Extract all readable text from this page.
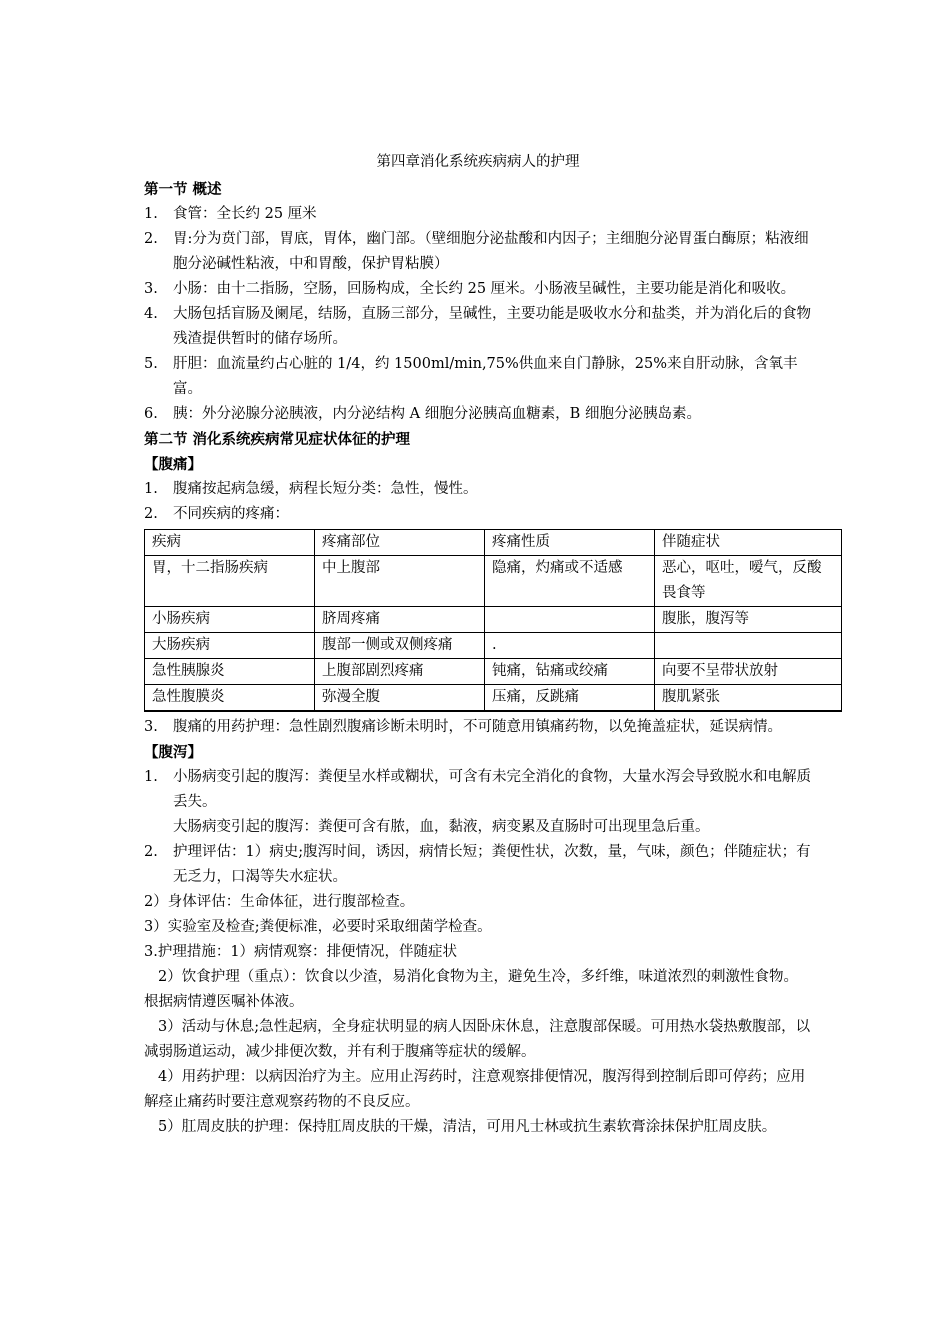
第四章消化系统疾病病人的护理
第一节 概述
1. 食管：全长约 25 厘米
2. 胃:分为贲门部，胃底，胃体，幽门部。（壁细胞分泌盐酸和内因子；主细胞分泌胃蛋白酶原；粘液细胞分泌碱性粘液，中和胃酸，保护胃粘膜）
3. 小肠：由十二指肠，空肠，回肠构成，全长约 25 厘米。小肠液呈碱性，主要功能是消化和吸收。
4. 大肠包括盲肠及阑尾，结肠，直肠三部分，呈碱性，主要功能是吸收水分和盐类，并为消化后的食物残渣提供暂时的储存场所。
5. 肝胆：血流量约占心脏的 1/4，约 1500ml/min,75%供血来自门静脉，25%来自肝动脉，含氧丰富。
6. 胰：外分泌腺分泌胰液，内分泌结构 A 细胞分泌胰高血糖素，B 细胞分泌胰岛素。
第二节 消化系统疾病常见症状体征的护理
【腹痛】
1. 腹痛按起病急缓，病程长短分类：急性，慢性。
2. 不同疾病的疼痛：
疾病	疼痛部位	疼痛性质	伴随症状
胃，十二指肠疾病	中上腹部	隐痛，灼痛或不适感	恶心，呕吐，嗳气，反酸畏食等
小肠疾病	脐周疼痛		腹胀，腹泻等
大肠疾病	腹部一侧或双侧疼痛	.	
急性胰腺炎	上腹部剧烈疼痛	钝痛，钻痛或绞痛	向要不呈带状放射
急性腹膜炎	弥漫全腹	压痛，反跳痛	腹肌紧张

3. 腹痛的用药护理：急性剧烈腹痛诊断未明时，不可随意用镇痛药物，以免掩盖症状，延误病情。
【腹泻】
1. 小肠病变引起的腹泻：粪便呈水样或糊状，可含有未完全消化的食物，大量水泻会导致脱水和电解质丢失。
大肠病变引起的腹泻：粪便可含有脓，血，黏液，病变累及直肠时可出现里急后重。
2. 护理评估：1）病史;腹泻时间，诱因，病情长短；粪便性状，次数，量，气味，颜色；伴随症状；有无乏力，口渴等失水症状。
2）身体评估：生命体征，进行腹部检查。
3）实验室及检查;粪便标准，必要时采取细菌学检查。
3.护理措施：1）病情观察：排便情况，伴随症状
2）饮食护理（重点）：饮食以少渣，易消化食物为主，避免生冷，多纤维，味道浓烈的刺激性食物。根据病情遵医嘱补体液。
3）活动与休息;急性起病，全身症状明显的病人因卧床休息，注意腹部保暖。可用热水袋热敷腹部，以减弱肠道运动，减少排便次数，并有利于腹痛等症状的缓解。
4）用药护理：以病因治疗为主。应用止泻药时，注意观察排便情况，腹泻得到控制后即可停药；应用解痉止痛药时要注意观察药物的不良反应。
5）肛周皮肤的护理：保持肛周皮肤的干燥，清洁，可用凡士林或抗生素软膏涂抹保护肛周皮肤。
